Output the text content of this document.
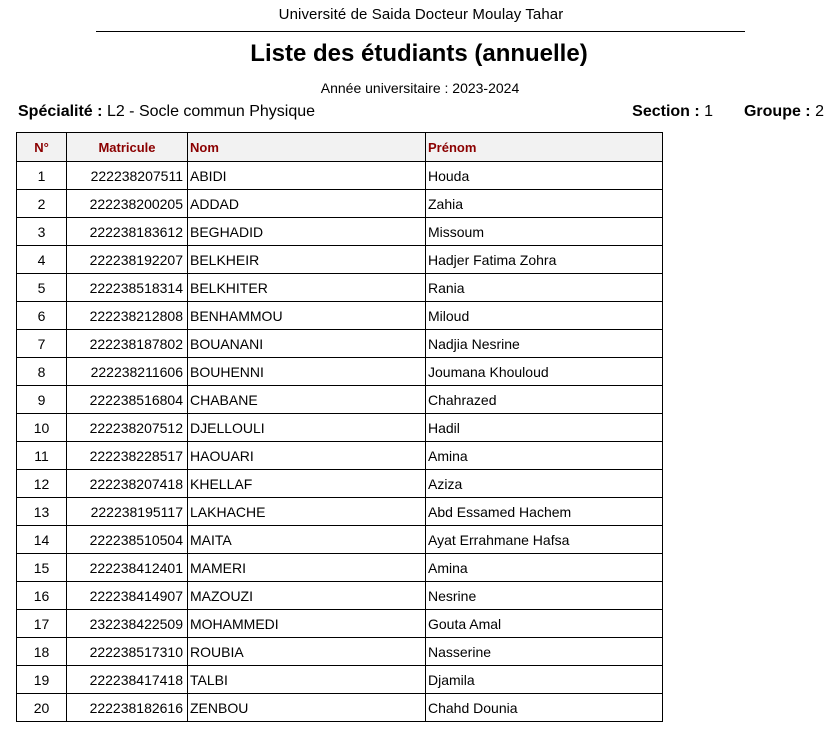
Université de Saida Docteur Moulay Tahar
Liste des étudiants (annuelle)
Année universitaire : 2023-2024
Spécialité : L2 - Socle commun Physique	Section : 1 Groupe : 2
N°	Matricule	Nom	Prénom
1	222238207511	ABIDI	Houda
2	222238200205	ADDAD	Zahia
3	222238183612	BEGHADID	Missoum
4	222238192207	BELKHEIR	Hadjer Fatima Zohra
5	222238518314	BELKHITER	Rania
6	222238212808	BENHAMMOU	Miloud
7	222238187802	BOUANANI	Nadjia Nesrine
8	222238211606	BOUHENNI	Joumana Khouloud
9	222238516804	CHABANE	Chahrazed
10	222238207512	DJELLOULI	Hadil
11	222238228517	HAOUARI	Amina
12	222238207418	KHELLAF	Aziza
13	222238195117	LAKHACHE	Abd Essamed Hachem
14	222238510504	MAITA	Ayat Errahmane Hafsa
15	222238412401	MAMERI	Amina
16	222238414907	MAZOUZI	Nesrine
17	232238422509	MOHAMMEDI	Gouta Amal
18	222238517310	ROUBIA	Nasserine
19	222238417418	TALBI	Djamila
20	222238182616	ZENBOU	Chahd Dounia
